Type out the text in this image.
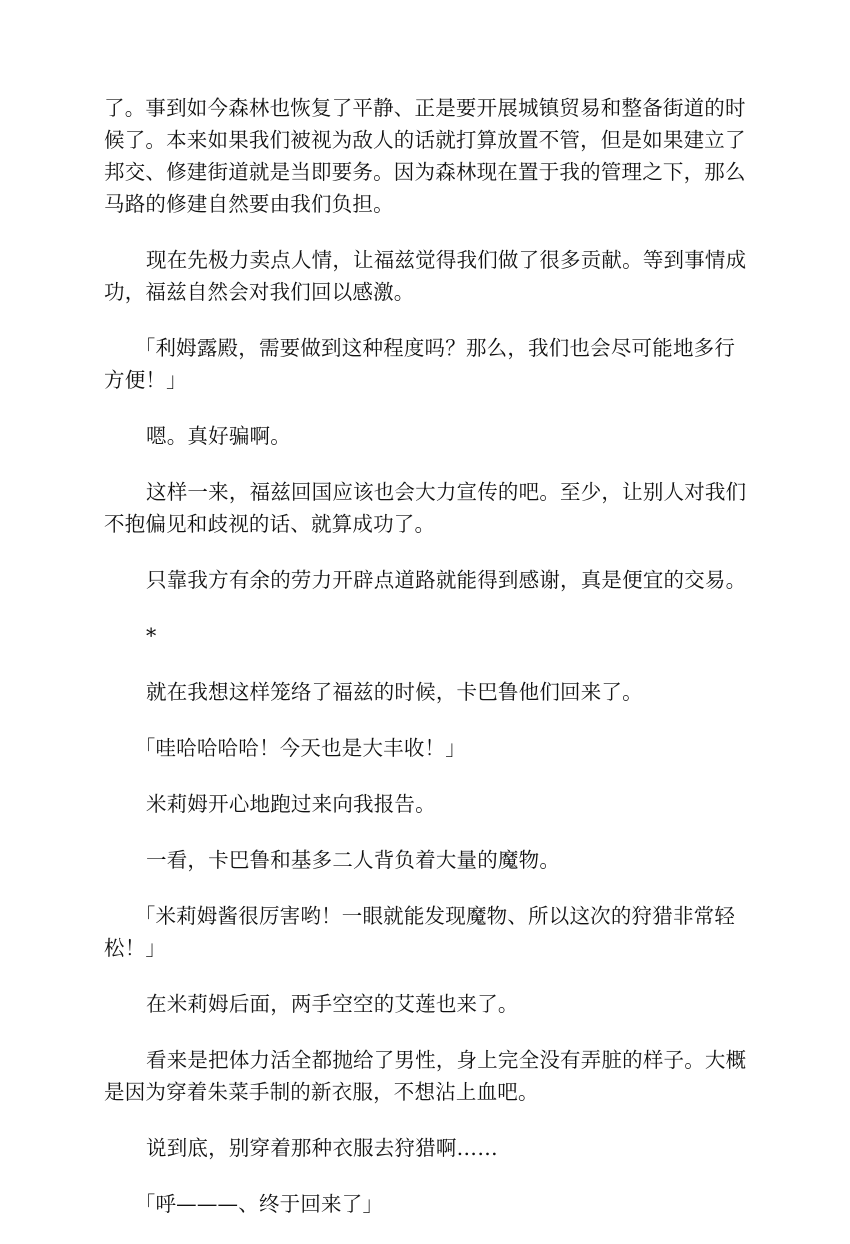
了。事到如今森林也恢复了平静、正是要开展城镇贸易和整备街道的时候了。本来如果我们被视为敌人的话就打算放置不管，但是如果建立了邦交、修建街道就是当即要务。因为森林现在置于我的管理之下，那么马路的修建自然要由我们负担。

现在先极力卖点人情，让福兹觉得我们做了很多贡献。等到事情成功，福兹自然会对我们回以感激。

「利姆露殿，需要做到这种程度吗？那么，我们也会尽可能地多行方便！」

嗯。真好骗啊。

这样一来，福兹回国应该也会大力宣传的吧。至少，让别人对我们不抱偏见和歧视的话、就算成功了。

只靠我方有余的劳力开辟点道路就能得到感谢，真是便宜的交易。

*

就在我想这样笼络了福兹的时候，卡巴鲁他们回来了。

「哇哈哈哈哈！今天也是大丰收！」

米莉姆开心地跑过来向我报告。

一看，卡巴鲁和基多二人背负着大量的魔物。

「米莉姆酱很厉害哟！一眼就能发现魔物、所以这次的狩猎非常轻松！」

在米莉姆后面，两手空空的艾莲也来了。

看来是把体力活全都抛给了男性，身上完全没有弄脏的样子。大概是因为穿着朱菜手制的新衣服，不想沾上血吧。

说到底，别穿着那种衣服去狩猎啊……

「呼———、终于回来了」
